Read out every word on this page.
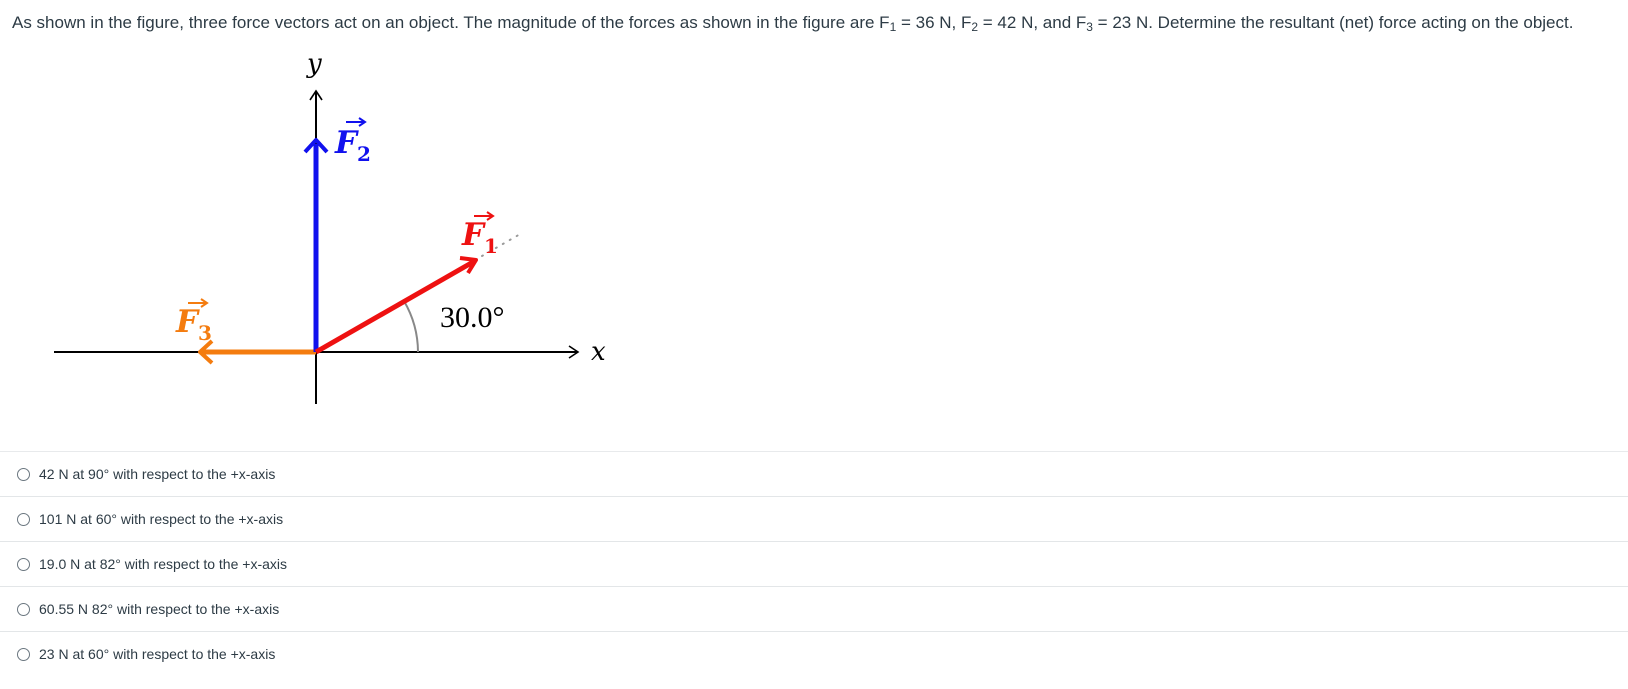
As shown in the figure, three force vectors act on an object. The magnitude of the forces as shown in the figure are $F_1 = 36$ N, $F_2 = 42$ N, and $F_3 = 23$ N. Determine the resultant (net) force acting on the object.
x
y
30.0°
$F_3$
$F_2$
$F_1$
42 N at 90° with respect to the +x-axis
101 N at 60° with respect to the +x-axis
19.0 N at 82° with respect to the +x-axis
60.55 N 82° with respect to the +x-axis
23 N at 60° with respect to the +x-axis
